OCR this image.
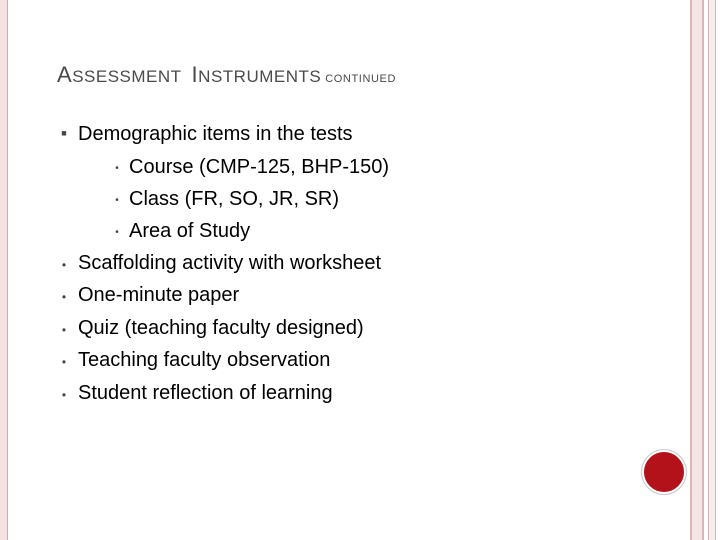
ASSESSMENT INSTRUMENTS CONTINUED
■ Demographic items in the tests
• Course (CMP-125, BHP-150)
• Class (FR, SO, JR, SR)
• Area of Study
• Scaffolding activity with worksheet
• One-minute paper
• Quiz (teaching faculty designed)
• Teaching faculty observation
• Student reflection of learning
